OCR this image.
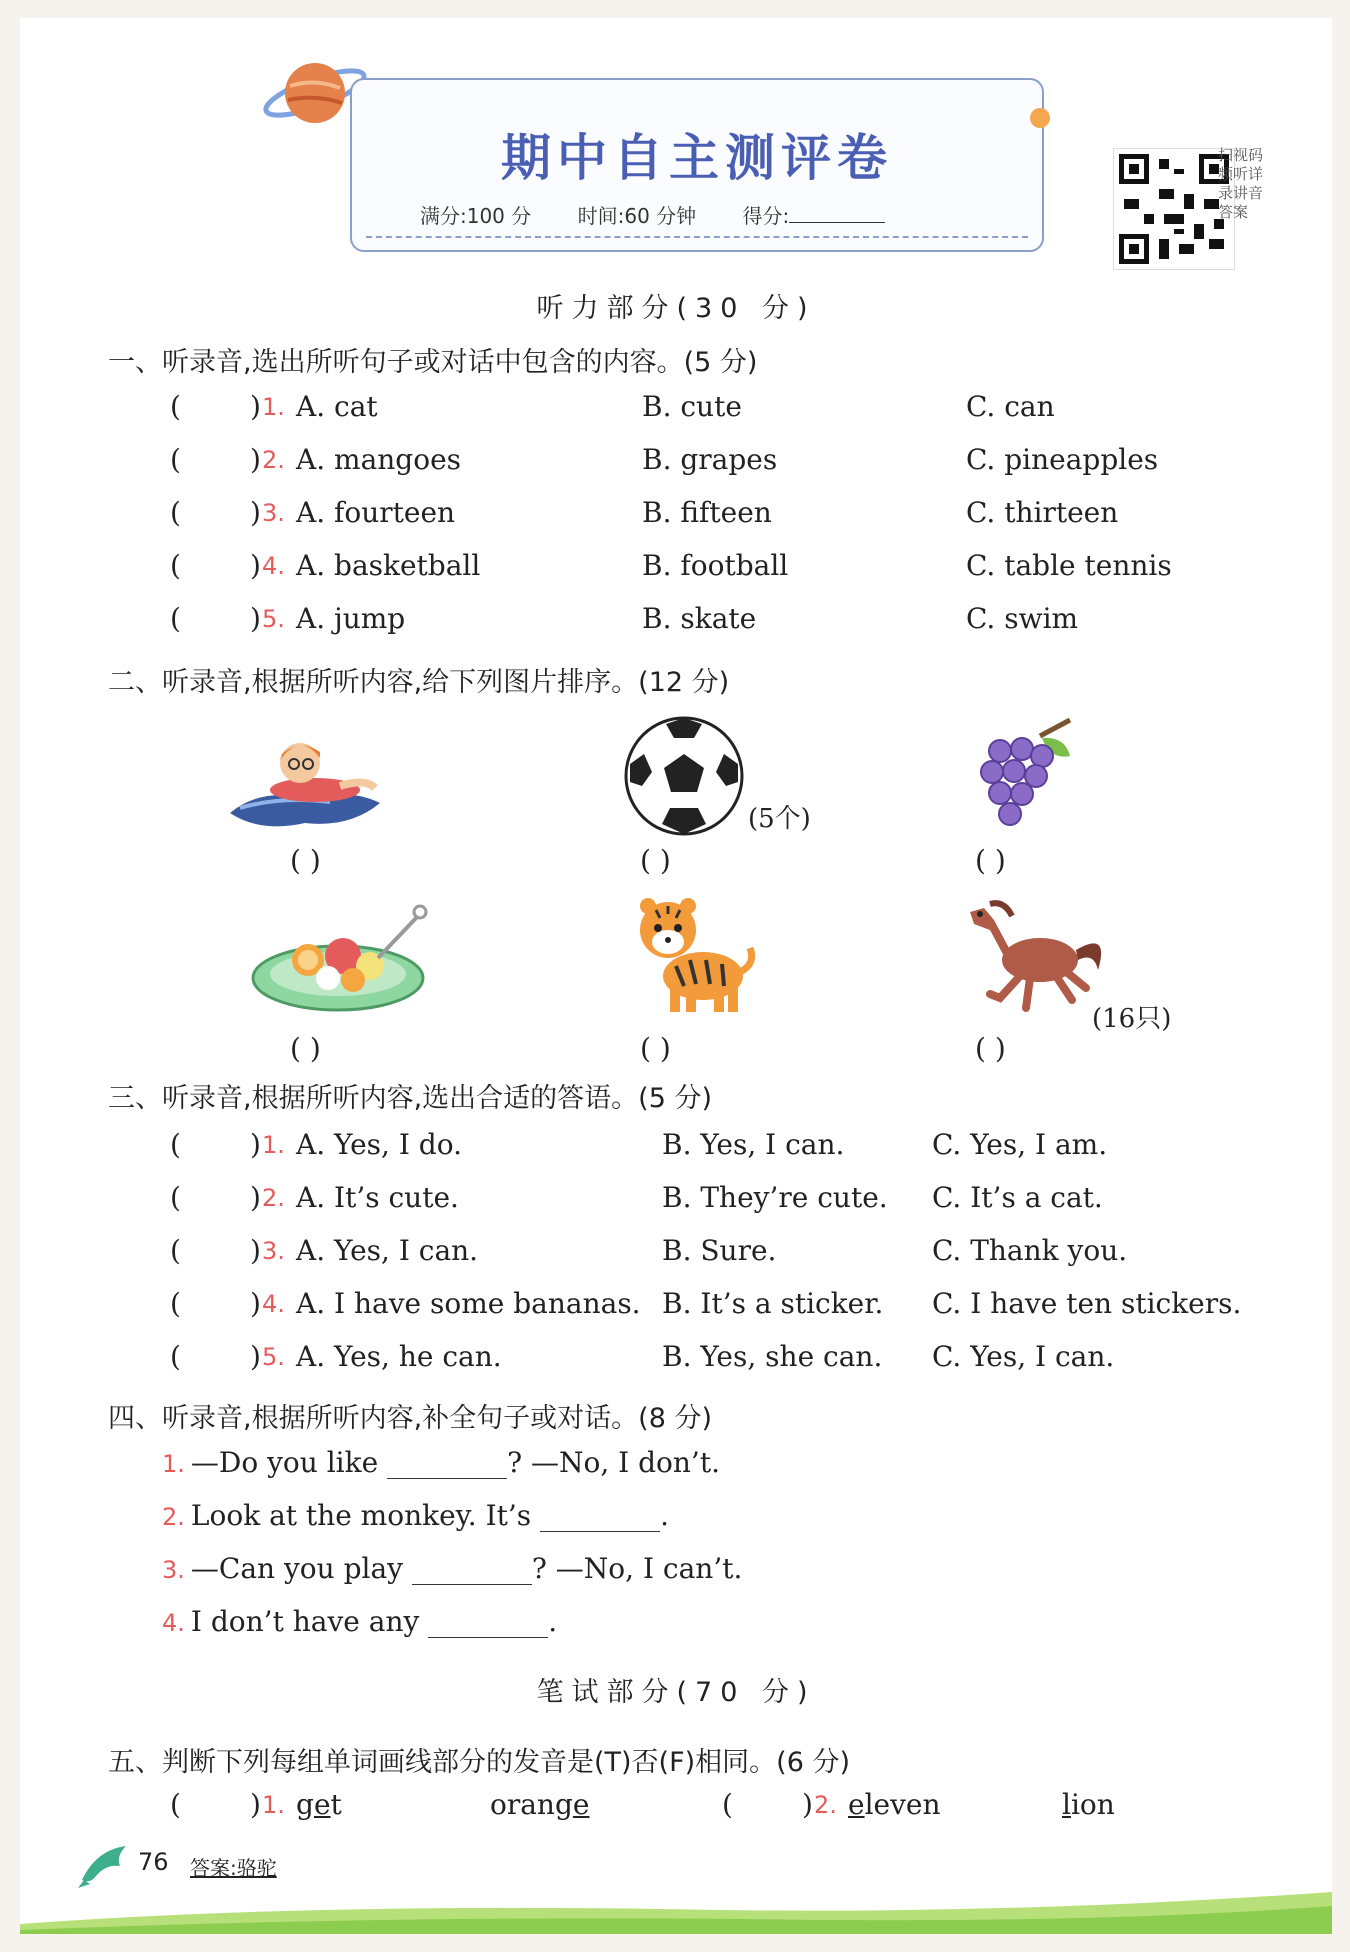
期中自主测评卷
满分:100 分 时间:60 分钟 得分:
扫视码频听详录讲音答案
听力部分(30 分)
一、听录音,选出所听句子或对话中包含的内容。(5 分)
( ) 1. A. cat	B. cute	C. can
( ) 2. A. mangoes	B. grapes	C. pineapples
( ) 3. A. fourteen	B. fifteen	C. thirteen
( ) 4. A. basketball	B. football	C. table tennis
( ) 5. A. jump	B. skate	C. swim
二、听录音,根据所听内容,给下列图片排序。(12 分)
( )
(5个)
( )	( )
( )	( )
(16只)
( )
三、听录音,根据所听内容,选出合适的答语。(5 分)
( ) 1. A. Yes, I do.	B. Yes, I can.	C. Yes, I am.
( ) 2. A. It’s cute.	B. They’re cute. C. It’s a cat.
( ) 3. A. Yes, I can.	B. Sure.	C. Thank you.
( ) 4. A. I have some bananas. B. It’s a sticker. C. I have ten stickers.
( ) 5. A. Yes, he can.	B. Yes, she can. C. Yes, I can.
四、听录音,根据所听内容,补全句子或对话。(8 分)
1. —Do you like	? —No, I don’t.
2. Look at the monkey. It’s	.
3. —Can you play	? —No, I can’t.
4. I don’t have any	.
笔试部分(70 分)
五、判断下列每组单词画线部分的发音是(T)否(F)相同。(6 分)
( ) 1. get	orange	( ) 2. eleven	lion
76 答案:骆驼
